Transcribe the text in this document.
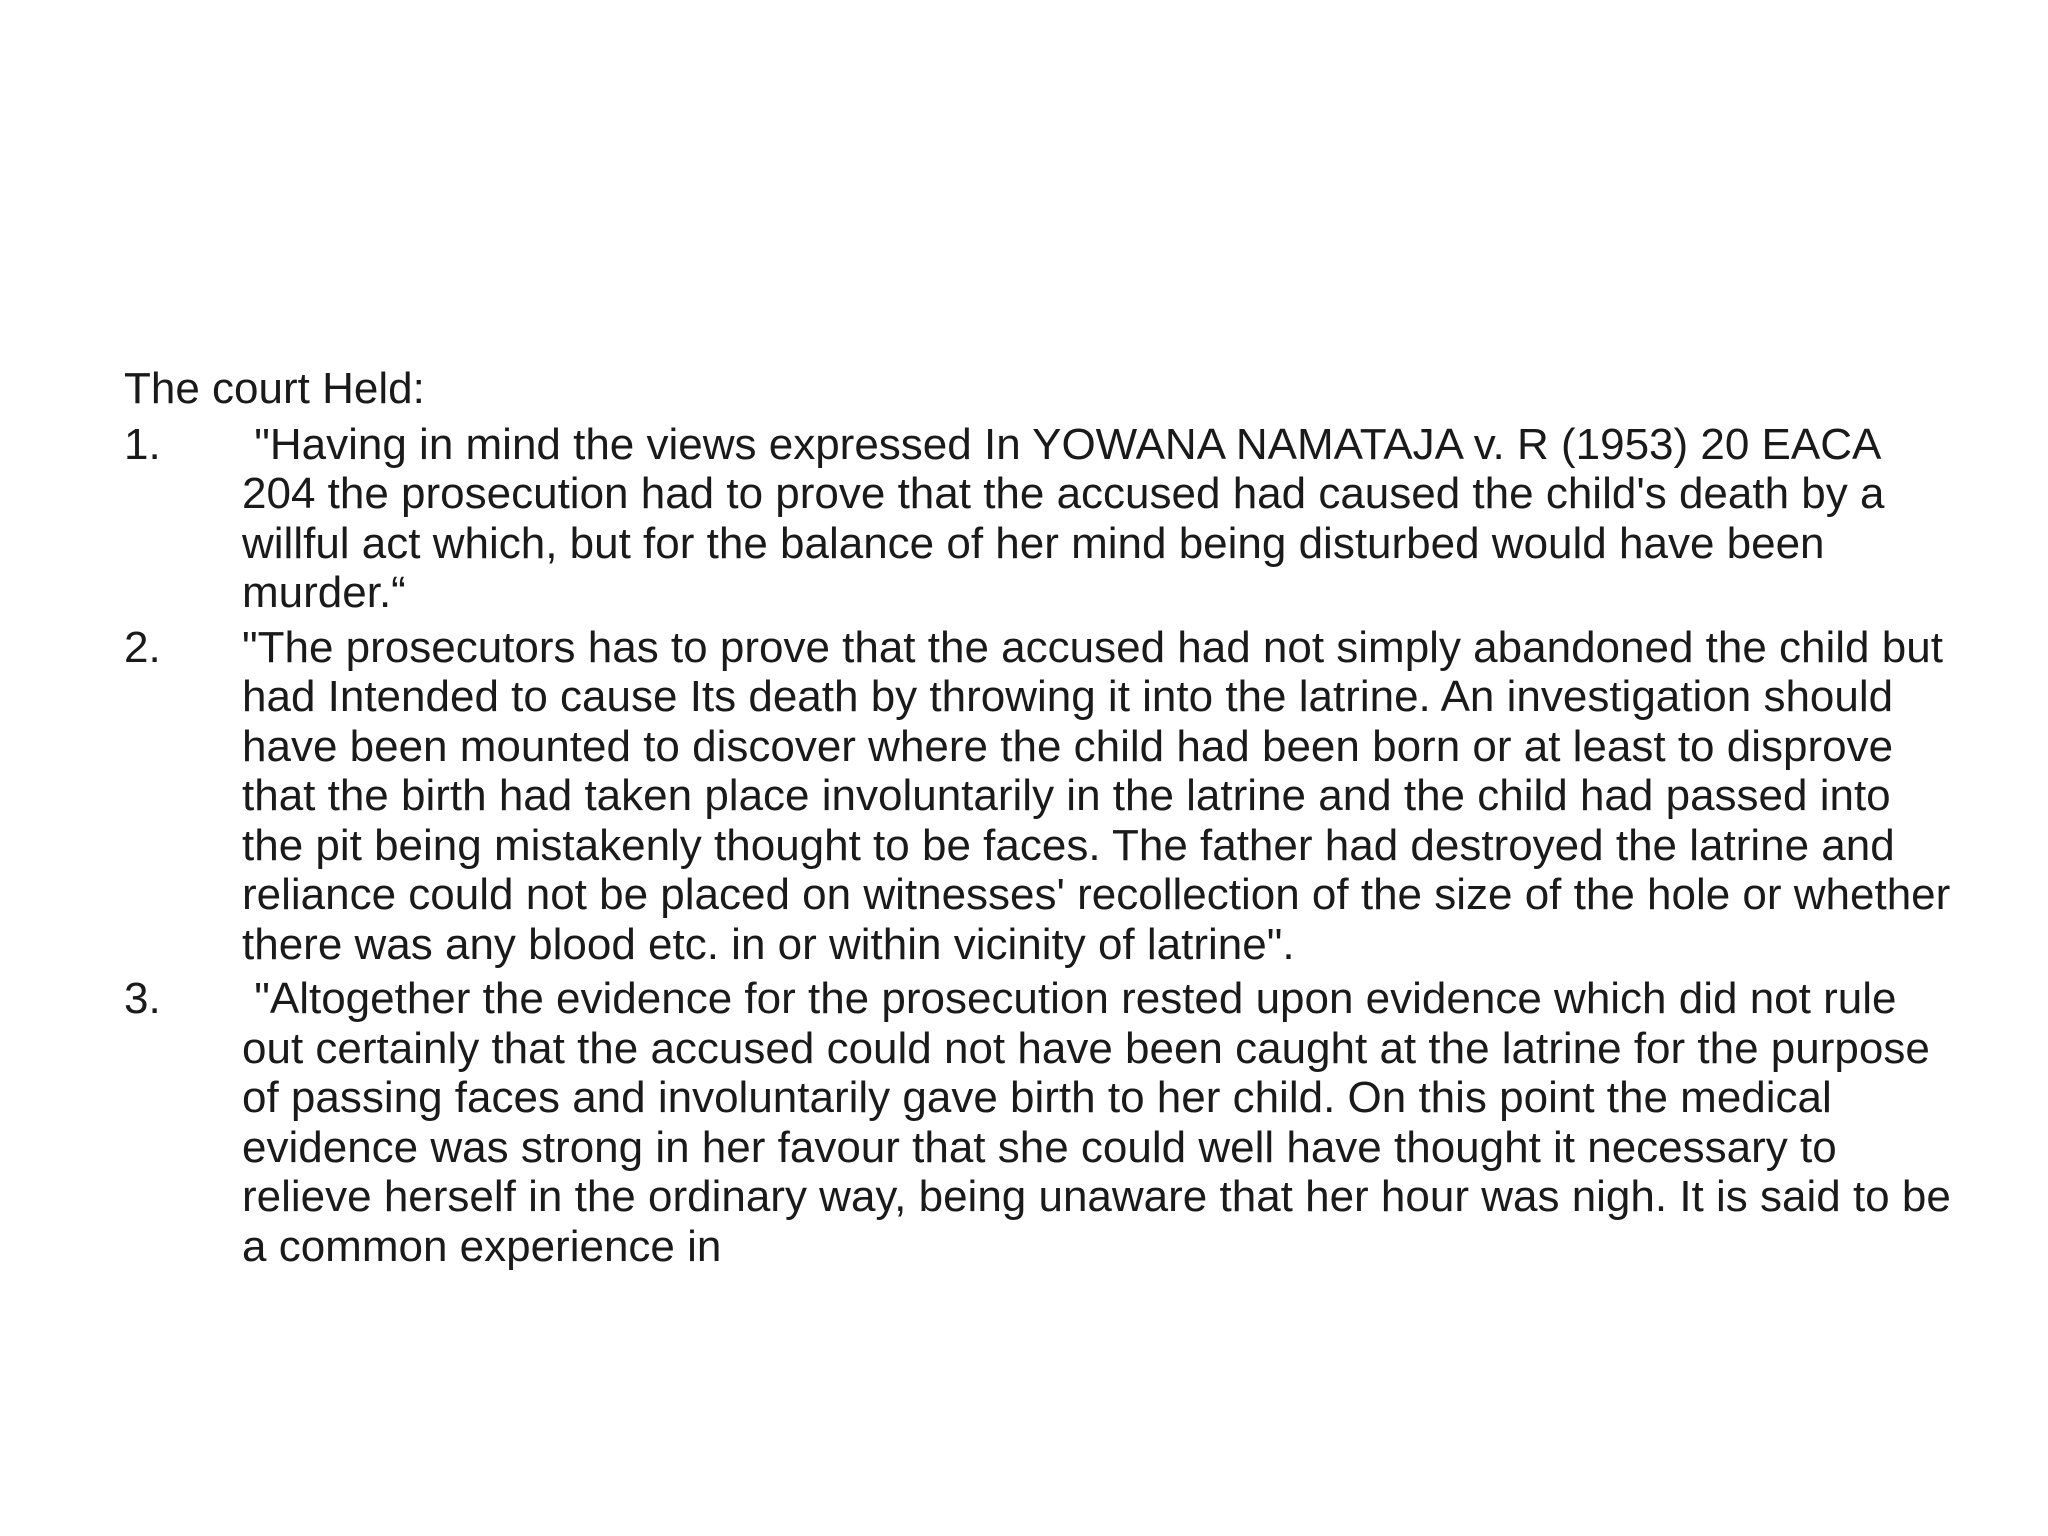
The court Held:
1.	"Having in mind the views expressed In YOWANA NAMATAJA v. R (1953) 20 EACA 204 the prosecution had to prove that the accused had caused the child's death by a willful act which, but for the balance of her mind being disturbed would have been murder.“
2.	"The prosecutors has to prove that the accused had not simply abandoned the child but had Intended to cause Its death by throwing it into the latrine. An investigation should have been mounted to discover where the child had been born or at least to disprove that the birth had taken place involuntarily in the latrine and the child had passed into the pit being mistakenly thought to be faces. The father had destroyed the latrine and reliance could not be placed on witnesses' recollection of the size of the hole or whether there was any blood etc. in or within vicinity of latrine".
3.	"Altogether the evidence for the prosecution rested upon evidence which did not rule out certainly that the accused could not have been caught at the latrine for the purpose of passing faces and involuntarily gave birth to her child. On this point the medical evidence was strong in her favour that she could well have thought it necessary to relieve herself in the ordinary way, being unaware that her hour was nigh. It is said to be a common experience in
